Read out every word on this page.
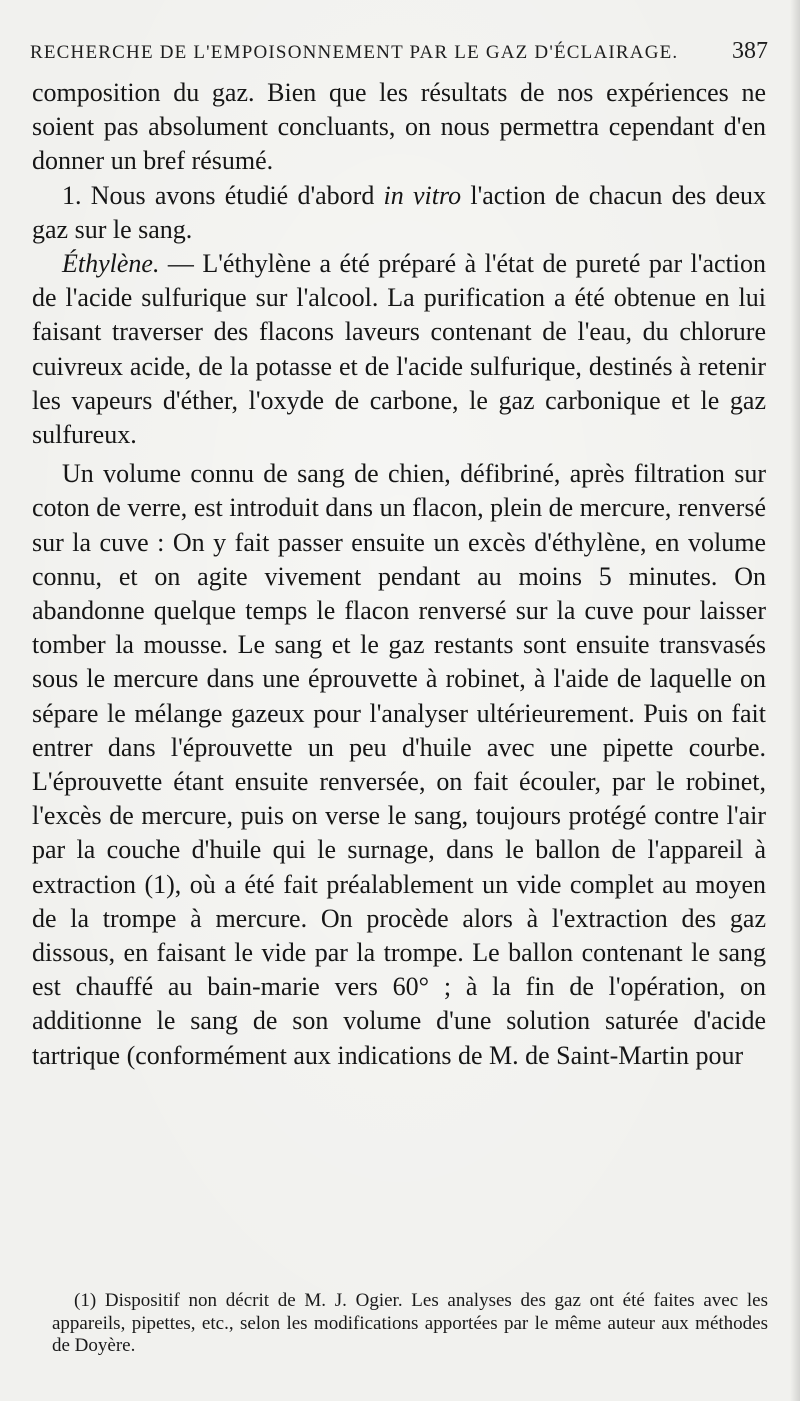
RECHERCHE DE L'EMPOISONNEMENT PAR LE GAZ D'ÉCLAIRAGE. 387

composition du gaz. Bien que les résultats de nos expériences ne soient pas absolument concluants, on nous permettra cependant d'en donner un bref résumé.

1. Nous avons étudié d'abord in vitro l'action de chacun des deux gaz sur le sang.

Éthylène. — L'éthylène a été préparé à l'état de pureté par l'action de l'acide sulfurique sur l'alcool. La purification a été obtenue en lui faisant traverser des flacons laveurs contenant de l'eau, du chlorure cuivreux acide, de la potasse et de l'acide sulfurique, destinés à retenir les vapeurs d'éther, l'oxyde de carbone, le gaz carbonique et le gaz sulfureux.

Un volume connu de sang de chien, défibriné, après filtration sur coton de verre, est introduit dans un flacon, plein de mercure, renversé sur la cuve : On y fait passer ensuite un excès d'éthylène, en volume connu, et on agite vivement pendant au moins 5 minutes. On abandonne quelque temps le flacon renversé sur la cuve pour laisser tomber la mousse. Le sang et le gaz restants sont ensuite transvasés sous le mercure dans une éprouvette à robinet, à l'aide de laquelle on sépare le mélange gazeux pour l'analyser ultérieurement. Puis on fait entrer dans l'éprouvette un peu d'huile avec une pipette courbe. L'éprouvette étant ensuite renversée, on fait écouler, par le robinet, l'excès de mercure, puis on verse le sang, toujours protégé contre l'air par la couche d'huile qui le surnage, dans le ballon de l'appareil à extraction (1), où a été fait préalablement un vide complet au moyen de la trompe à mercure. On procède alors à l'extraction des gaz dissous, en faisant le vide par la trompe. Le ballon contenant le sang est chauffé au bain-marie vers 60° ; à la fin de l'opération, on additionne le sang de son volume d'une solution saturée d'acide tartrique (conformément aux indications de M. de Saint-Martin pour

(1) Dispositif non décrit de M. J. Ogier. Les analyses des gaz ont été faites avec les appareils, pipettes, etc., selon les modifications apportées par le même auteur aux méthodes de Doyère.
